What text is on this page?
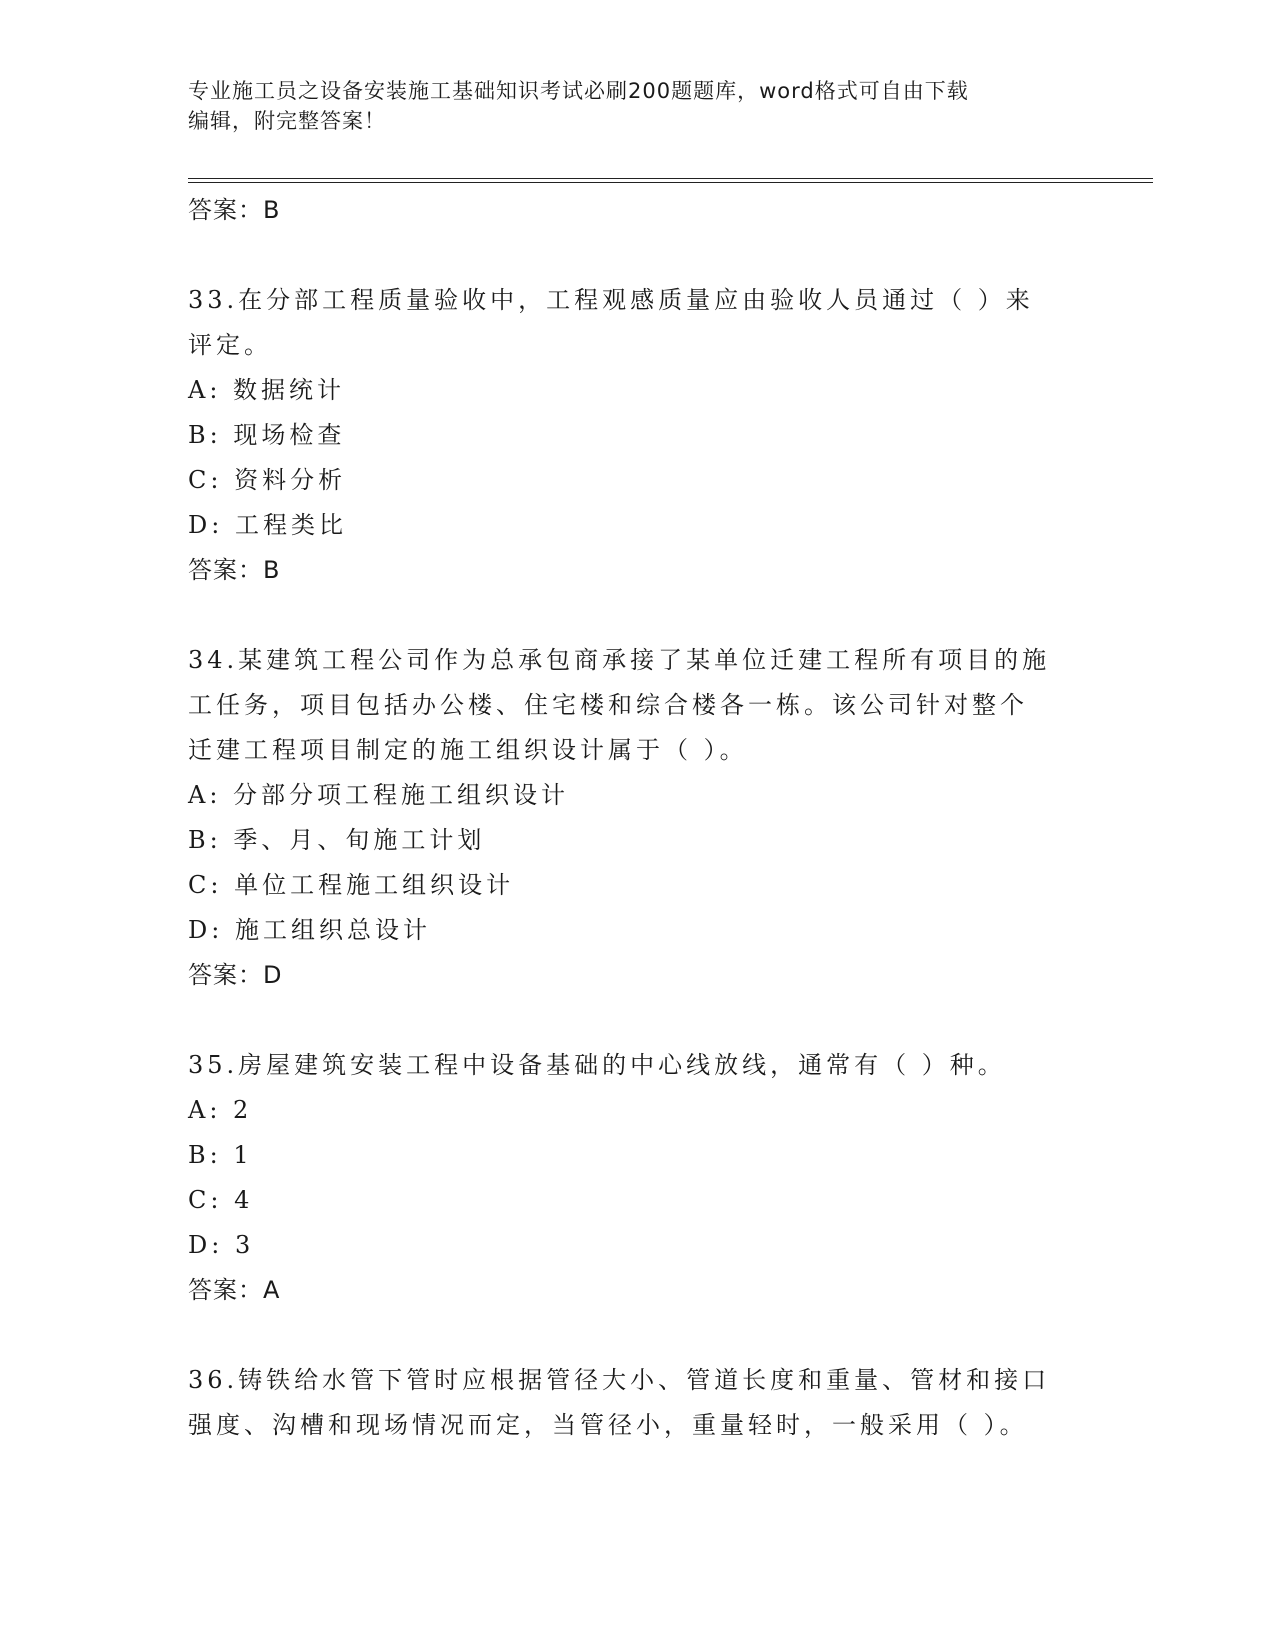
专业施工员之设备安装施工基础知识考试必刷200题题库，word格式可自由下载
编辑，附完整答案！
答案：B
33.在分部工程质量验收中，工程观感质量应由验收人员通过（ ）来
评定。
A: 数据统计
B: 现场检查
C: 资料分析
D: 工程类比
答案：B
34.某建筑工程公司作为总承包商承接了某单位迁建工程所有项目的施
工任务，项目包括办公楼、住宅楼和综合楼各一栋。该公司针对整个
迁建工程项目制定的施工组织设计属于（ ）。
A: 分部分项工程施工组织设计
B: 季、月、旬施工计划
C: 单位工程施工组织设计
D: 施工组织总设计
答案：D
35.房屋建筑安装工程中设备基础的中心线放线，通常有（ ）种。
A: 2
B: 1
C: 4
D: 3
答案：A
36.铸铁给水管下管时应根据管径大小、管道长度和重量、管材和接口
强度、沟槽和现场情况而定，当管径小，重量轻时，一般采用（ ）。
